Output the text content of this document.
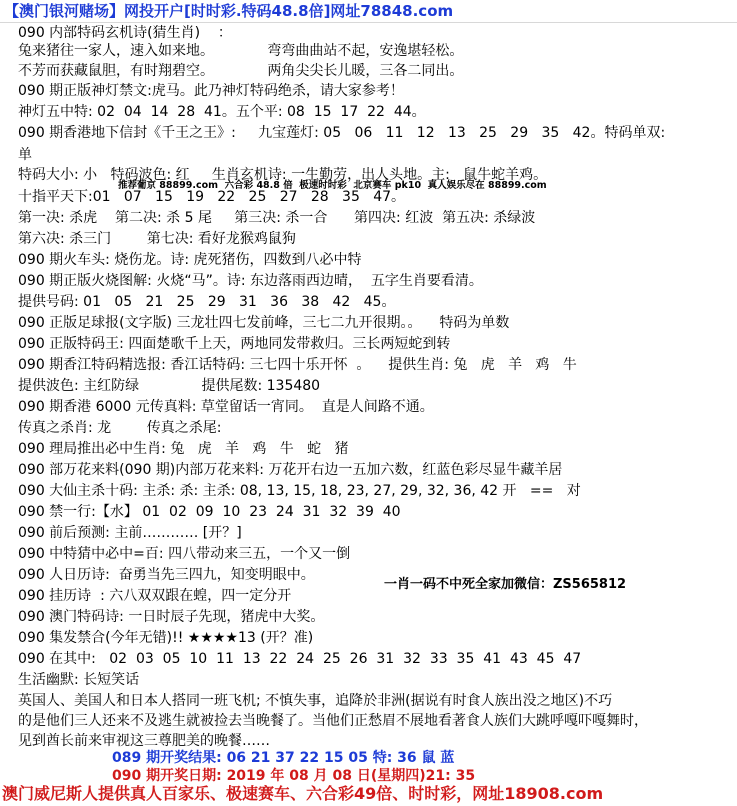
【澳门银河赌场】网投开户[时时彩.特码48.8倍]网址78848.com
090 内部特码玄机诗(猜生肖)    ：
兔来猪往一家人，速入如来地。            弯弯曲曲站不起，安逸堪轻松。
不芳而获藏鼠胆，有时翔碧空。            两角尖尖长儿暖，三各二同出。
090 期正版神灯禁文:虎马。此乃神灯特码绝杀，请大家参考！
神灯五中特: 02  04  14  28  41。五个平: 08  15  17  22  44。
090 期香港地下信封《千王之王》:     九宝莲灯: 05   06   11   12   13   25   29   35   42。特码单双:
单
特码大小: 小   特码波色: 红     生肖玄机诗: 一生勤劳，出人头地。主:   鼠牛蛇羊鸡。
十指平天下:01   07   15   19   22   25   27   28   35   47。
第一决: 杀虎    第二决: 杀 5 尾     第三决: 杀一合      第四决: 红波  第五决: 杀绿波
第六决: 杀三门        第七决: 看好龙猴鸡鼠狗
090 期火车头: 烧伤龙。诗: 虎死猪伤，四数到八必中特
090 期正版火烧图解: 火烧“马”。诗: 东边落雨西边晴，  五字生肖要看清。
提供号码: 01   05   21   25   29   31   36   38   42   45。
090 正版足球报(文字版) 三龙壮四七发前峰，三七二九开很期。。    特码为单数
090 正版特码王: 四面楚歌千上天，两地同发带救归。三长两短蛇到转
090 期香江特码精选报: 香江话特码: 三七四十乐开怀  。    提供生肖: 兔   虎   羊   鸡   牛
提供波色: 主红防绿              提供尾数: 135480
090 期香港 6000 元传真料: 草堂留话一宵同。  直是人间路不通。
传真之杀肖: 龙        传真之杀尾:
090 理局推出必中生肖: 兔   虎   羊   鸡   牛   蛇   猪
090 部万花来料(090 期)内部万花来料: 万花开右边一五加六数，红蓝色彩尽显牛藏羊居
090 大仙主杀十码: 主杀: 杀: 主杀: 08, 13, 15, 18, 23, 27, 29, 32, 36, 42 开   ==   对
090 禁一行:【水】 01  02  09  10  23  24  31  32  39  40
090 前后预测: 主前………… [开？]
090 中特猜中必中=百: 四八带动来三五，一个又一倒
090 人日历诗:  奋勇当先三四九，知变明眼中。
090 挂历诗  : 六八双双跟在蝗，四一定分开
090 澳门特码诗: 一日时辰子先现，猪虎中大奖。
090 集发禁合(今年无错)!! ★★★★13 (开？准)
090 在其中:   02  03  05  10  11  13  22  24  25  26  31  32  33  35  41  43  45  47
生活幽默: 长短笑话
英国人、美国人和日本人搭同一班飞机; 不慎失事，追降於非洲(据说有时食人族出没之地区)不巧
的是他们三人还来不及逃生就被捡去当晚餐了。当他们正愁眉不展地看著食人族们大跳呼嘎吓嘎舞时，
见到酋长前来审视这三尊肥美的晚餐……
推荐葡京 88899.com  六合彩 48.8 倍  极速时时彩  北京赛车 pk10  真人娱乐尽在 88899.com
一肖一码不中死全家加微信：ZS565812
089 期开奖结果: 06 21 37 22 15 05 特: 36 鼠 蓝
090 期开奖日期: 2019 年 08 月 08 日(星期四)21: 35
澳门威尼斯人提供真人百家乐、极速赛车、六合彩49倍、时时彩，网址18908.com
